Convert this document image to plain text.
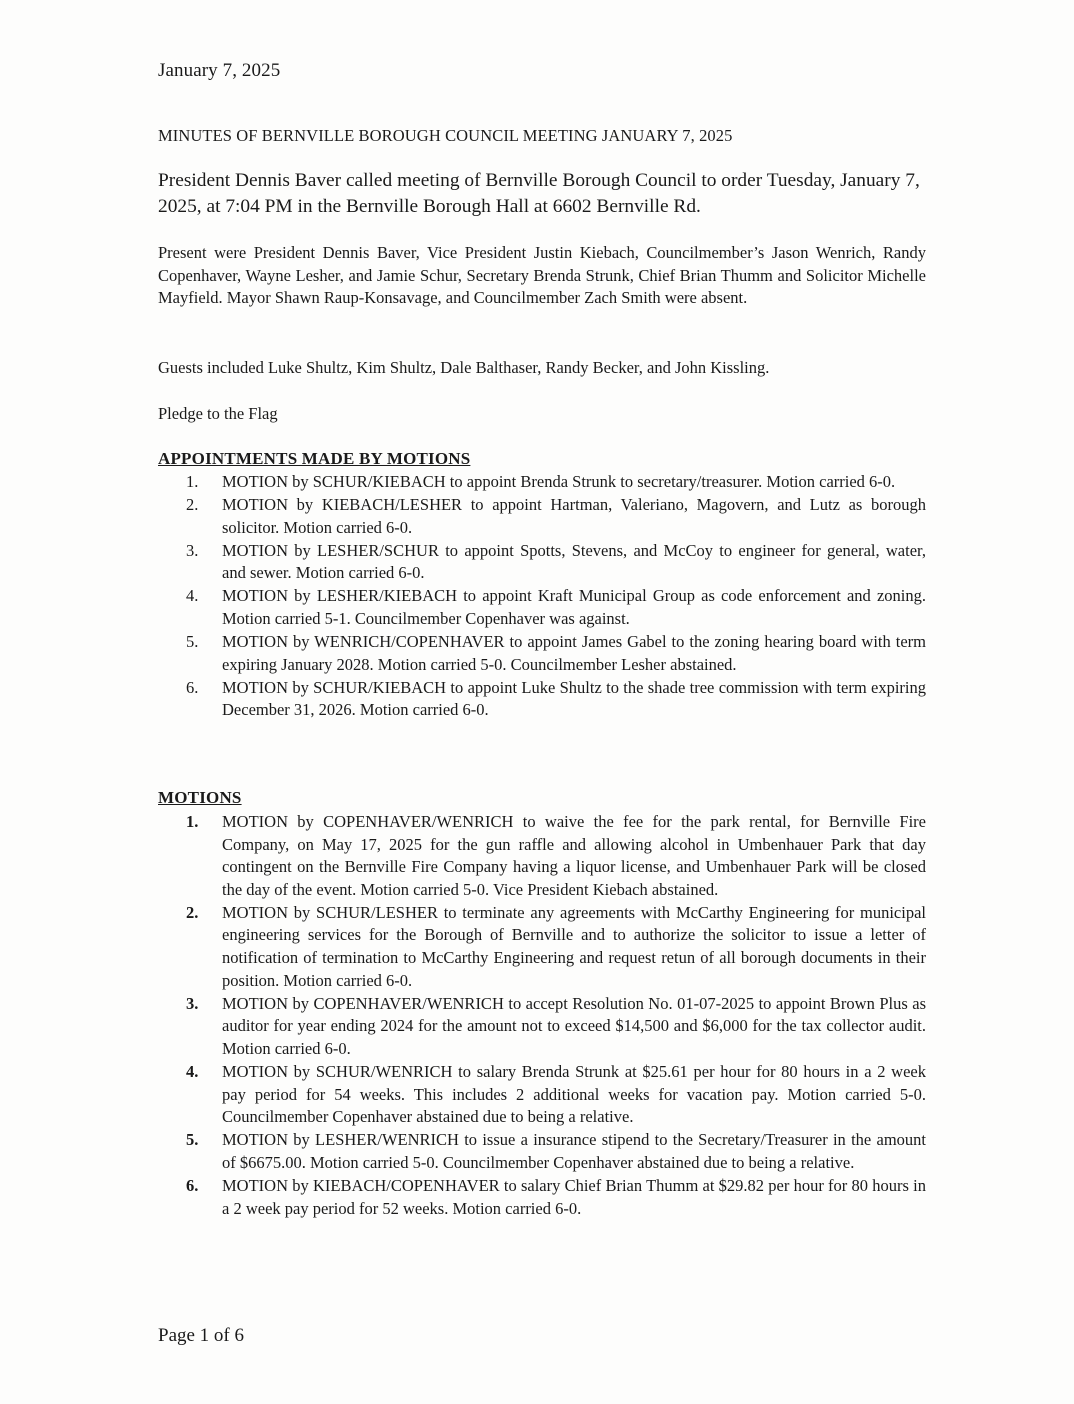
January 7, 2025
MINUTES OF BERNVILLE BOROUGH COUNCIL MEETING JANUARY 7, 2025

President Dennis Baver called meeting of Bernville Borough Council to order Tuesday, January 7, 2025, at 7:04 PM in the Bernville Borough Hall at 6602 Bernville Rd.

Present were President Dennis Baver, Vice President Justin Kiebach, Councilmember’s Jason Wenrich, Randy Copenhaver, Wayne Lesher, and Jamie Schur, Secretary Brenda Strunk, Chief Brian Thumm and Solicitor Michelle Mayfield. Mayor Shawn Raup-Konsavage, and Councilmember Zach Smith were absent.

Guests included Luke Shultz, Kim Shultz, Dale Balthaser, Randy Becker, and John Kissling.

Pledge to the Flag

APPOINTMENTS MADE BY MOTIONS
1.	MOTION by SCHUR/KIEBACH to appoint Brenda Strunk to secretary/treasurer. Motion carried 6-0.
2.	MOTION by KIEBACH/LESHER to appoint Hartman, Valeriano, Magovern, and Lutz as borough solicitor. Motion carried 6-0.
3.	MOTION by LESHER/SCHUR to appoint Spotts, Stevens, and McCoy to engineer for general, water, and sewer. Motion carried 6-0.
4.	MOTION by LESHER/KIEBACH to appoint Kraft Municipal Group as code enforcement and zoning. Motion carried 5-1. Councilmember Copenhaver was against.
5.	MOTION by WENRICH/COPENHAVER to appoint James Gabel to the zoning hearing board with term expiring January 2028. Motion carried 5-0. Councilmember Lesher abstained.
6.	MOTION by SCHUR/KIEBACH to appoint Luke Shultz to the shade tree commission with term expiring December 31, 2026. Motion carried 6-0.
MOTIONS
1.	MOTION by COPENHAVER/WENRICH to waive the fee for the park rental, for Bernville Fire Company, on May 17, 2025 for the gun raffle and allowing alcohol in Umbenhauer Park that day contingent on the Bernville Fire Company having a liquor license, and Umbenhauer Park will be closed the day of the event. Motion carried 5-0. Vice President Kiebach abstained.
2.	MOTION by SCHUR/LESHER to terminate any agreements with McCarthy Engineering for municipal engineering services for the Borough of Bernville and to authorize the solicitor to issue a letter of notification of termination to McCarthy Engineering and request retun of all borough documents in their position. Motion carried 6-0.
3.	MOTION by COPENHAVER/WENRICH to accept Resolution No. 01-07-2025 to appoint Brown Plus as auditor for year ending 2024 for the amount not to exceed $14,500 and $6,000 for the tax collector audit. Motion carried 6-0.
4.	MOTION by SCHUR/WENRICH to salary Brenda Strunk at $25.61 per hour for 80 hours in a 2 week pay period for 54 weeks. This includes 2 additional weeks for vacation pay. Motion carried 5-0. Councilmember Copenhaver abstained due to being a relative.
5.	MOTION by LESHER/WENRICH to issue a insurance stipend to the Secretary/Treasurer in the amount of $6675.00. Motion carried 5-0. Councilmember Copenhaver abstained due to being a relative.
6.	MOTION by KIEBACH/COPENHAVER to salary Chief Brian Thumm at $29.82 per hour for 80 hours in a 2 week pay period for 52 weeks. Motion carried 6-0.
Page 1 of 6
